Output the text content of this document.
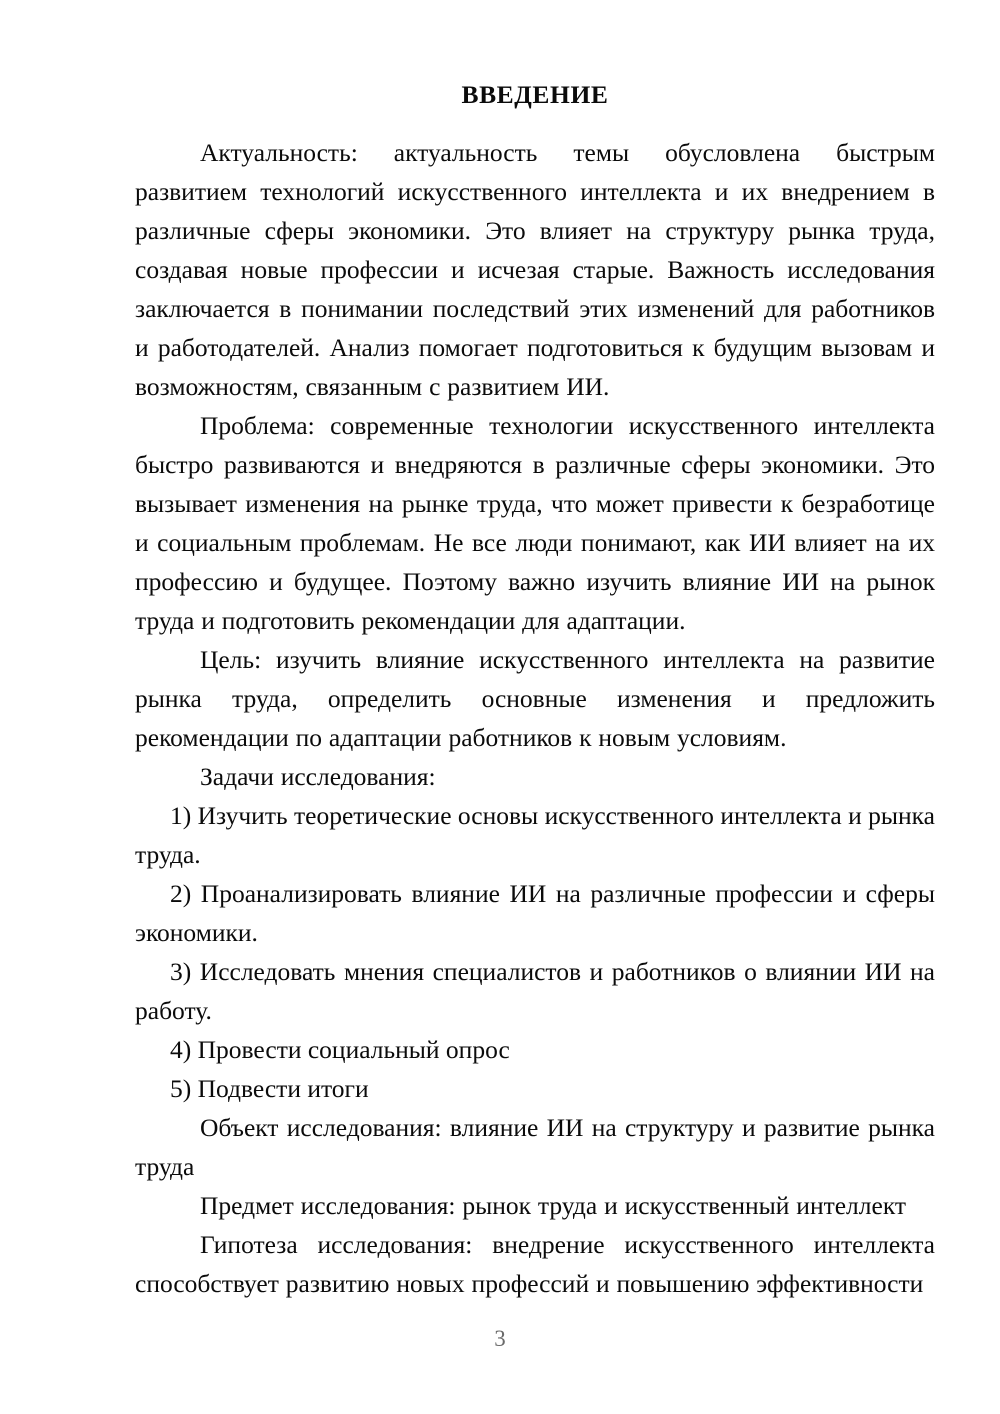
ВВЕДЕНИЕ

Актуальность: актуальность темы обусловлена быстрым развитием технологий искусственного интеллекта и их внедрением в различные сферы экономики. Это влияет на структуру рынка труда, создавая новые профессии и исчезая старые. Важность исследования заключается в понимании последствий этих изменений для работников и работодателей. Анализ помогает подготовиться к будущим вызовам и возможностям, связанным с развитием ИИ.

Проблема: современные технологии искусственного интеллекта быстро развиваются и внедряются в различные сферы экономики. Это вызывает изменения на рынке труда, что может привести к безработице и социальным проблемам. Не все люди понимают, как ИИ влияет на их профессию и будущее. Поэтому важно изучить влияние ИИ на рынок труда и подготовить рекомендации для адаптации.

Цель: изучить влияние искусственного интеллекта на развитие рынка труда, определить основные изменения и предложить рекомендации по адаптации работников к новым условиям.

Задачи исследования:

1) Изучить теоретические основы искусственного интеллекта и рынка труда.

2) Проанализировать влияние ИИ на различные профессии и сферы экономики.

3) Исследовать мнения специалистов и работников о влиянии ИИ на работу.

4) Провести социальный опрос

5) Подвести итоги

Объект исследования: влияние ИИ на структуру и развитие рынка труда

Предмет исследования: рынок труда и искусственный интеллект

Гипотеза исследования: внедрение искусственного интеллекта способствует развитию новых профессий и повышению эффективности

3
